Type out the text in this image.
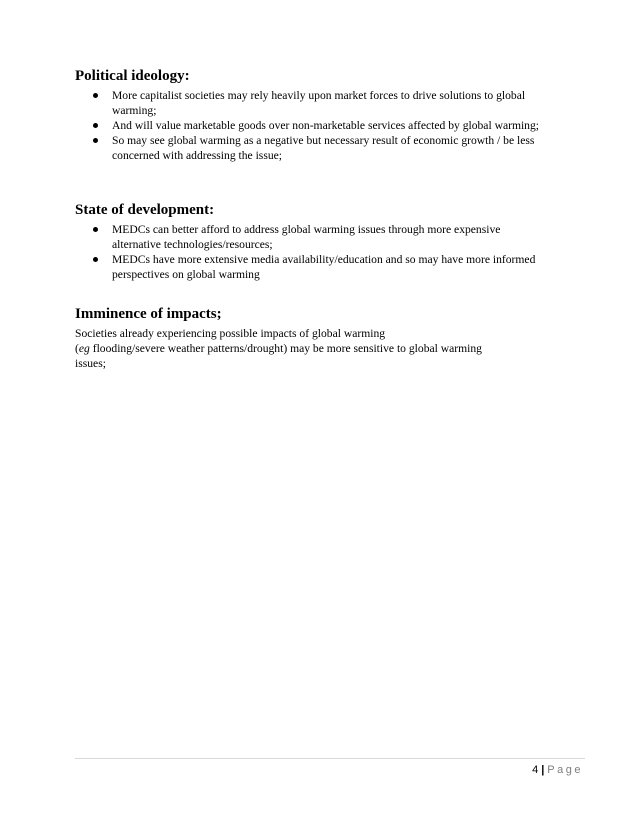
Political ideology:
More capitalist societies may rely heavily upon market forces to drive solutions to global warming;
And will value marketable goods over non-marketable services affected by global warming;
So may see global warming as a negative but necessary result of economic growth / be less concerned with addressing the issue;
State of development:
MEDCs can better afford to address global warming issues through more expensive alternative technologies/resources;
MEDCs have more extensive media availability/education and so may have more informed perspectives on global warming
Imminence of impacts;

Societies already experiencing possible impacts of global warming
(eg flooding/severe weather patterns/drought) may be more sensitive to global warming issues;

4 | Page
